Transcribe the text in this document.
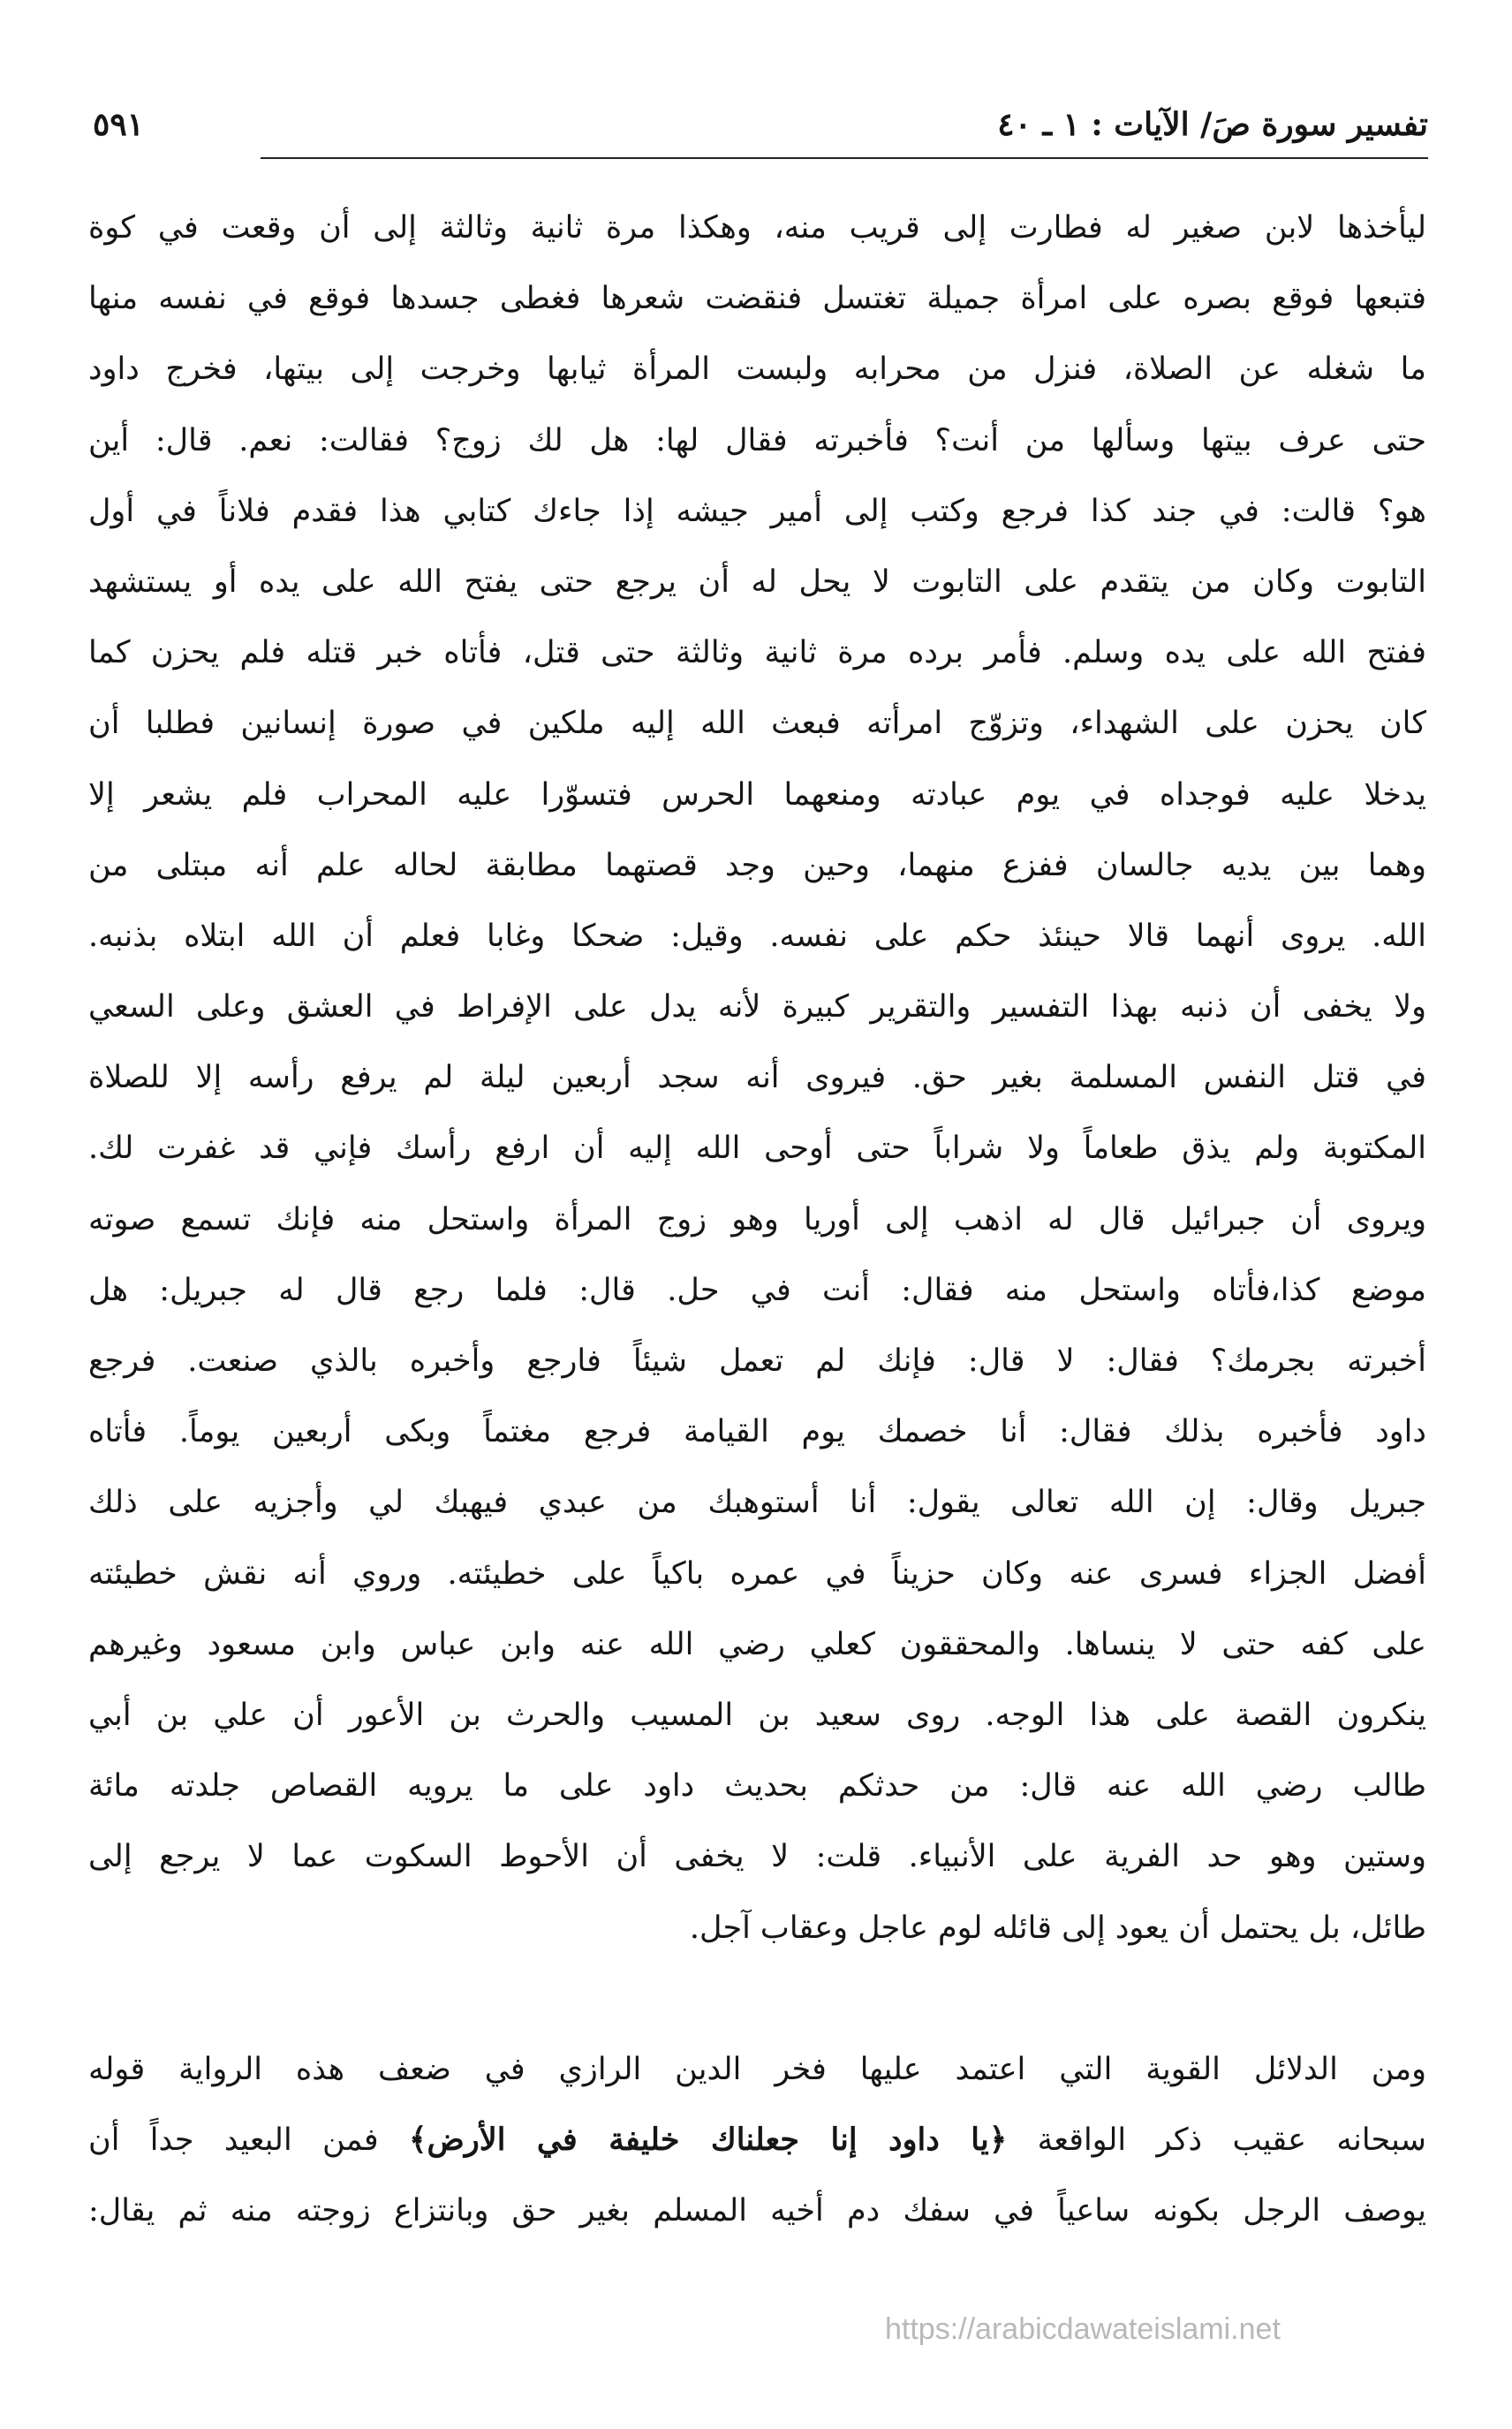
تفسير سورة صَ/ الآيات : ١ ـ ٤٠
٥٩١
ليأخذها لابن صغير له فطارت إلى قريب منه، وهكذا مرة ثانية وثالثة إلى أن وقعت في كوة
فتبعها فوقع بصره على امرأة جميلة تغتسل فنقضت شعرها فغطى جسدها فوقع في نفسه منها
ما شغله عن الصلاة، فنزل من محرابه ولبست المرأة ثيابها وخرجت إلى بيتها، فخرج داود
حتى عرف بيتها وسألها من أنت؟ فأخبرته فقال لها: هل لك زوج؟ فقالت: نعم. قال: أين
هو؟ قالت: في جند كذا فرجع وكتب إلى أمير جيشه إذا جاءك كتابي هذا فقدم فلاناً في أول
التابوت وكان من يتقدم على التابوت لا يحل له أن يرجع حتى يفتح الله على يده أو يستشهد
ففتح الله على يده وسلم. فأمر برده مرة ثانية وثالثة حتى قتل، فأتاه خبر قتله فلم يحزن كما
كان يحزن على الشهداء، وتزوّج امرأته فبعث الله إليه ملكين في صورة إنسانين فطلبا أن
يدخلا عليه فوجداه في يوم عبادته ومنعهما الحرس فتسوّرا عليه المحراب فلم يشعر إلا
وهما بين يديه جالسان ففزع منهما، وحين وجد قصتهما مطابقة لحاله علم أنه مبتلى من
الله. يروى أنهما قالا حينئذ حكم على نفسه. وقيل: ضحكا وغابا فعلم أن الله ابتلاه بذنبه.
ولا يخفى أن ذنبه بهذا التفسير والتقرير كبيرة لأنه يدل على الإفراط في العشق وعلى السعي
في قتل النفس المسلمة بغير حق. فيروى أنه سجد أربعين ليلة لم يرفع رأسه إلا للصلاة
المكتوبة ولم يذق طعاماً ولا شراباً حتى أوحى الله إليه أن ارفع رأسك فإني قد غفرت لك.
ويروى أن جبرائيل قال له اذهب إلى أوريا وهو زوج المرأة واستحل منه فإنك تسمع صوته
موضع كذا،فأتاه واستحل منه فقال: أنت في حل. قال: فلما رجع قال له جبريل: هل
أخبرته بجرمك؟ فقال: لا قال: فإنك لم تعمل شيئاً فارجع وأخبره بالذي صنعت. فرجع
داود فأخبره بذلك فقال: أنا خصمك يوم القيامة فرجع مغتماً وبكى أربعين يوماً. فأتاه
جبريل وقال: إن الله تعالى يقول: أنا أستوهبك من عبدي فيهبك لي وأجزيه على ذلك
أفضل الجزاء فسرى عنه وكان حزيناً في عمره باكياً على خطيئته. وروي أنه نقش خطيئته
على كفه حتى لا ينساها. والمحققون كعلي رضي الله عنه وابن عباس وابن مسعود وغيرهم
ينكرون القصة على هذا الوجه. روى سعيد بن المسيب والحرث بن الأعور أن علي بن أبي
طالب رضي الله عنه قال: من حدثكم بحديث داود على ما يرويه القصاص جلدته مائة
وستين وهو حد الفرية على الأنبياء. قلت: لا يخفى أن الأحوط السكوت عما لا يرجع إلى
طائل، بل يحتمل أن يعود إلى قائله لوم عاجل وعقاب آجل.
ومن الدلائل القوية التي اعتمد عليها فخر الدين الرازي في ضعف هذه الرواية قوله
سبحانه عقيب ذكر الواقعة ﴿يا داود إنا جعلناك خليفة في الأرض﴾ فمن البعيد جداً أن
يوصف الرجل بكونه ساعياً في سفك دم أخيه المسلم بغير حق وبانتزاع زوجته منه ثم يقال:
https://arabicdawateislami.net
